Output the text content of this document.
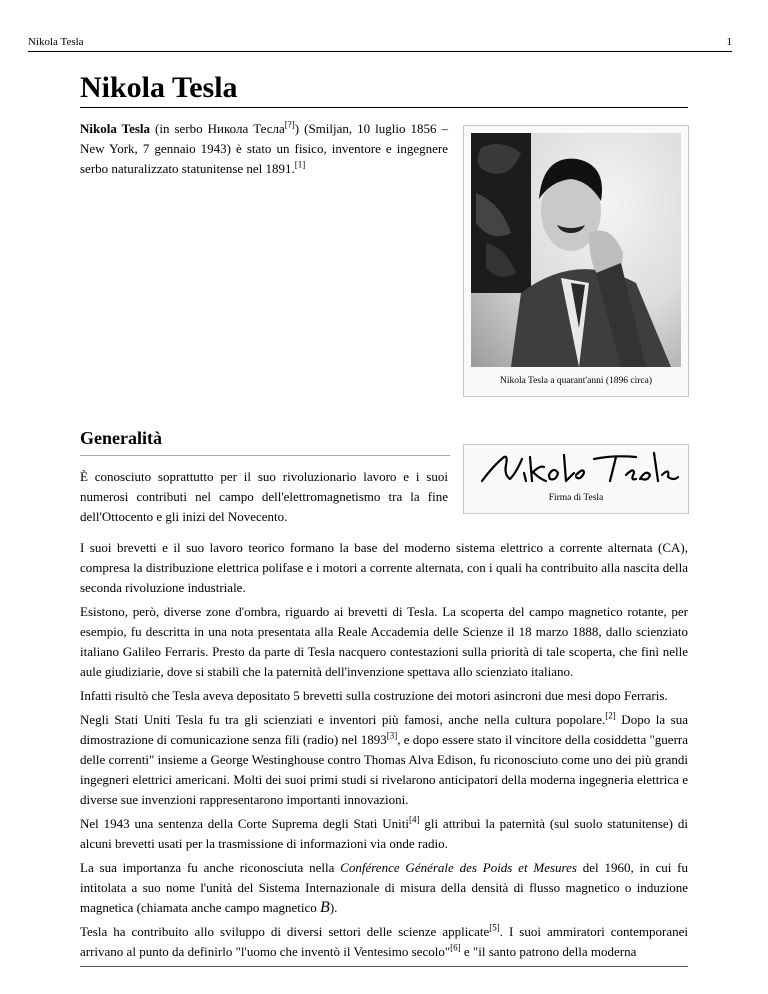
Nikola Tesla	1
Nikola Tesla

Nikola Tesla (in serbo Никола Тесла[?]) (Smiljan, 10 luglio 1856 – New York, 7 gennaio 1943) è stato un fisico, inventore e ingegnere serbo naturalizzato statunitense nel 1891.[1]

Nikola Tesla a quarant'anni (1896 circa)
Generalità

È conosciuto soprattutto per il suo rivoluzionario lavoro e i suoi numerosi contributi nel campo dell'elettromagnetismo tra la fine dell'Ottocento e gli inizi del Novecento.

Firma di Tesla

I suoi brevetti e il suo lavoro teorico formano la base del moderno sistema elettrico a corrente alternata (CA), compresa la distribuzione elettrica polifase e i motori a corrente alternata, con i quali ha contribuito alla nascita della seconda rivoluzione industriale.

Esistono, però, diverse zone d'ombra, riguardo ai brevetti di Tesla. La scoperta del campo magnetico rotante, per esempio, fu descritta in una nota presentata alla Reale Accademia delle Scienze il 18 marzo 1888, dallo scienziato italiano Galileo Ferraris. Presto da parte di Tesla nacquero contestazioni sulla priorità di tale scoperta, che finì nelle aule giudiziarie, dove si stabilì che la paternità dell'invenzione spettava allo scienziato italiano.

Infatti risultò che Tesla aveva depositato 5 brevetti sulla costruzione dei motori asincroni due mesi dopo Ferraris.

Negli Stati Uniti Tesla fu tra gli scienziati e inventori più famosi, anche nella cultura popolare.[2] Dopo la sua dimostrazione di comunicazione senza fili (radio) nel 1893[3], e dopo essere stato il vincitore della cosiddetta "guerra delle correnti" insieme a George Westinghouse contro Thomas Alva Edison, fu riconosciuto come uno dei più grandi ingegneri elettrici americani. Molti dei suoi primi studi si rivelarono anticipatori della moderna ingegneria elettrica e diverse sue invenzioni rappresentarono importanti innovazioni.

Nel 1943 una sentenza della Corte Suprema degli Stati Uniti[4] gli attribuì la paternità (sul suolo statunitense) di alcuni brevetti usati per la trasmissione di informazioni via onde radio.

La sua importanza fu anche riconosciuta nella Conférence Générale des Poids et Mesures del 1960, in cui fu intitolata a suo nome l'unità del Sistema Internazionale di misura della densità di flusso magnetico o induzione magnetica (chiamata anche campo magnetico B).

Tesla ha contribuito allo sviluppo di diversi settori delle scienze applicate[5]. I suoi ammiratori contemporanei arrivano al punto da definirlo "l'uomo che inventò il Ventesimo secolo"[6] e "il santo patrono della moderna
